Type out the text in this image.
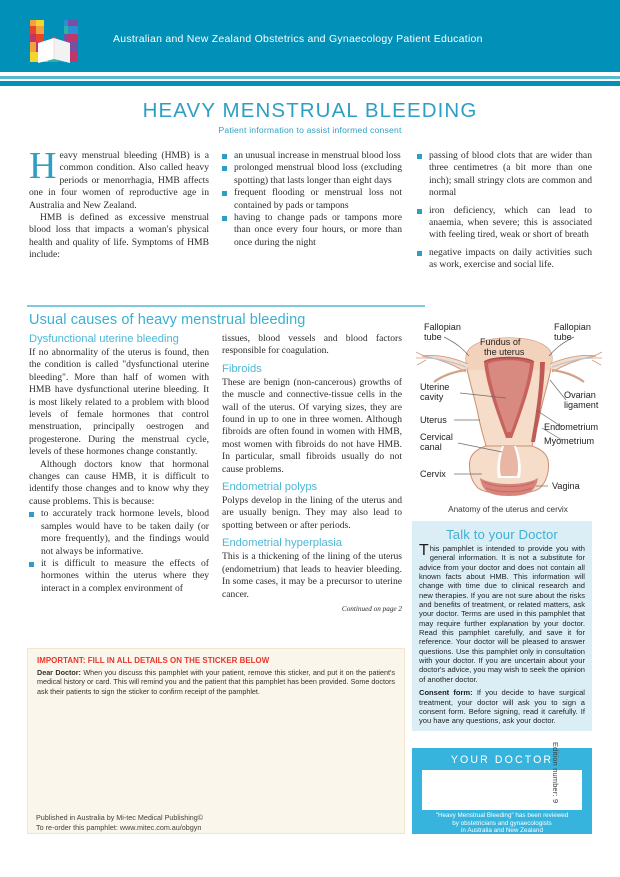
Australian and New Zealand Obstetrics and Gynaecology Patient Education
HEAVY MENSTRUAL BLEEDING
Patient information to assist informed consent

Heavy menstrual bleeding (HMB) is a common condition. Also called heavy periods or menorrhagia, HMB affects one in four women of reproductive age in Australia and New Zealand.

HMB is defined as excessive menstrual blood loss that impacts a woman's physical health and quality of life. Symptoms of HMB include:

an unusual increase in menstrual blood loss
prolonged menstrual blood loss (excluding spotting) that lasts longer than eight days
frequent flooding or menstrual loss not contained by pads or tampons
having to change pads or tampons more than once every four hours, or more than once during the night
passing of blood clots that are wider than three centimetres (a bit more than one inch); small stringy clots are common and normal
iron deficiency, which can lead to anaemia, when severe; this is associated with feeling tired, weak or short of breath
negative impacts on daily activities such as work, exercise and social life.
Usual causes of heavy menstrual bleeding
Dysfunctional uterine bleeding

If no abnormality of the uterus is found, then the condition is called "dysfunctional uterine bleeding". More than half of women with HMB have dysfunctional uterine bleeding. It is most likely related to a problem with blood levels of female hormones that control menstruation, principally oestrogen and progesterone. During the menstrual cycle, levels of these hormones change constantly.

Although doctors know that hormonal changes can cause HMB, it is difficult to identify those changes and to know why they cause problems. This is because:

to accurately track hormone levels, blood samples would have to be taken daily (or more frequently), and the findings would not always be informative.
it is difficult to measure the effects of hormones within the uterus where they interact in a complex environment of

tissues, blood vessels and blood factors responsible for coagulation.

Fibroids

These are benign (non-cancerous) growths of the muscle and connective-tissue cells in the wall of the uterus. Of varying sizes, they are found in up to one in three women. Although fibroids are often found in women with HMB, most women with fibroids do not have HMB. In particular, small fibroids usually do not cause problems.

Endometrial polyps

Polyps develop in the lining of the uterus and are usually benign. They may also lead to spotting between or after periods.

Endometrial hyperplasia

This is a thickening of the lining of the uterus (endometrium) that leads to heavier bleeding. In some cases, it may be a precursor to uterine cancer.

Continued on page 2
Fallopian
tube
Fallopian
tube
Fundus of
the uterus
Uterine
cavity
Uterus
Cervical
canal
Cervix
Ovarian
ligament
Endometrium
Myometrium
Vagina
Anatomy of the uterus and cervix
Talk to your Doctor

This pamphlet is intended to provide you with general information. It is not a substitute for advice from your doctor and does not contain all known facts about HMB. This information will change with time due to clinical research and new therapies. If you are not sure about the risks and benefits of treatment, or related matters, ask your doctor. Terms are used in this pamphlet that may require further explanation by your doctor. Read this pamphlet carefully, and save it for reference. Your doctor will be pleased to answer questions. Use this pamphlet only in consultation with your doctor. If you are uncertain about your doctor's advice, you may wish to seek the opinion of another doctor.

Consent form: If you decide to have surgical treatment, your doctor will ask you to sign a consent form. Before signing, read it carefully. If you have any questions, ask your doctor.

IMPORTANT: FILL IN ALL DETAILS ON THE STICKER BELOW
Dear Doctor: When you discuss this pamphlet with your patient, remove this sticker, and put it on the patient's medical history or card. This will remind you and the patient that this pamphlet has been provided. Some doctors ask their patients to sign the sticker to confirm receipt of the pamphlet.
Published in Australia by Mi-tec Medical Publishing©
To re-order this pamphlet: www.mitec.com.au/obgyn
YOUR DOCTOR
"Heavy Menstrual Bleeding" has been reviewed
by obstetricians and gynaecologists
in Australia and New Zealand
Edition number: 9
